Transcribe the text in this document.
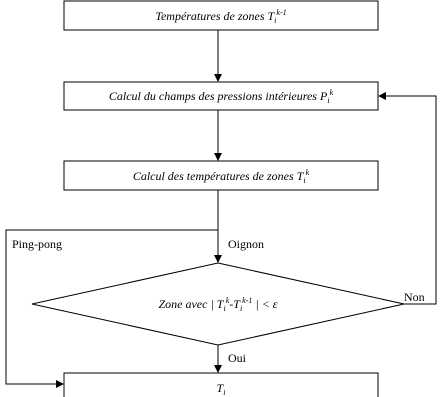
Températures de zones $T_i^{k-1}$
Calcul du champs des pressions intérieures $P_i^k$
Calcul des températures de zones $T_i^k$
Zone avec | $T_i^k-T_i^{k-1}$ | < ε
$T_i$
Ping-pong	Oignon
Non
Oui
